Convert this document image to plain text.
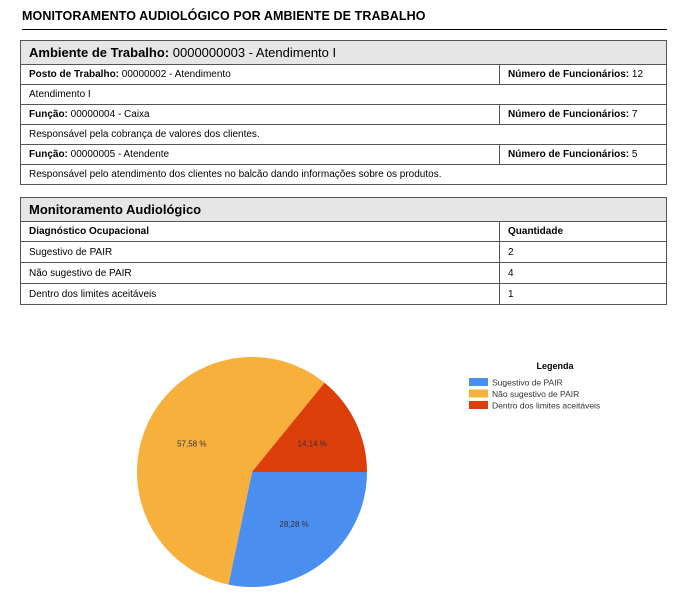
MONITORAMENTO AUDIOLÓGICO POR AMBIENTE DE TRABALHO
Ambiente de Trabalho: 0000000003 - Atendimento I	
Posto de Trabalho: 00000002 - Atendimento	Número de Funcionários: 12
Atendimento I	
Função: 00000004 - Caixa	Número de Funcionários: 7
Responsável pela cobrança de valores dos clientes.	
Função: 00000005 - Atendente	Número de Funcionários: 5
Responsável pelo atendimento dos clientes no balcão dando informações sobre os produtos.	
Monitoramento Audiológico	
Diagnóstico Ocupacional	Quantidade
Sugestivo de PAIR	2
Não sugestivo de PAIR	4
Dentro dos limites aceitáveis	1
28,28 %
57,58 %	14,14 %
Legenda
Sugestivo de PAIR
Não sugestivo de PAIR
Dentro dos limites aceitáveis
